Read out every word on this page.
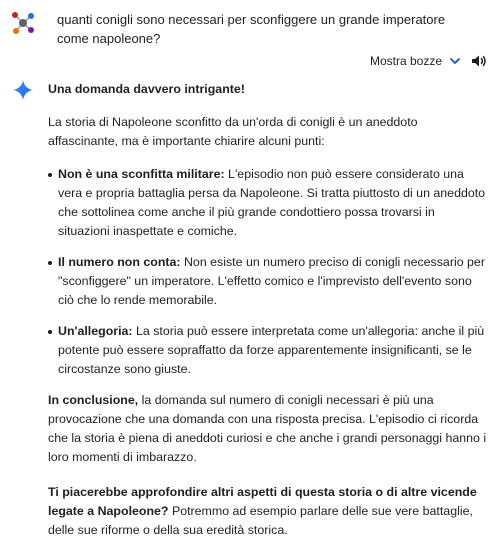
quanti conigli sono necessari per sconfiggere un grande imperatore come napoleone?
Mostra bozze

Una domanda davvero intrigante!

La storia di Napoleone sconfitto da un'orda di conigli è un aneddoto affascinante, ma è importante chiarire alcuni punti:

Non è una sconfitta militare: L'episodio non può essere considerato una vera e propria battaglia persa da Napoleone. Si tratta piuttosto di un aneddoto che sottolinea come anche il più grande condottiero possa trovarsi in situazioni inaspettate e comiche.
Il numero non conta: Non esiste un numero preciso di conigli necessario per "sconfiggere" un imperatore. L'effetto comico e l'imprevisto dell'evento sono ciò che lo rende memorabile.
Un'allegoria: La storia può essere interpretata come un'allegoria: anche il più potente può essere sopraffatto da forze apparentemente insignificanti, se le circostanze sono giuste.

In conclusione, la domanda sul numero di conigli necessari è più una provocazione che una domanda con una risposta precisa. L'episodio ci ricorda che la storia è piena di aneddoti curiosi e che anche i grandi personaggi hanno i loro momenti di imbarazzo.

Ti piacerebbe approfondire altri aspetti di questa storia o di altre vicende legate a Napoleone? Potremmo ad esempio parlare delle sue vere battaglie, delle sue riforme o della sua eredità storica.
